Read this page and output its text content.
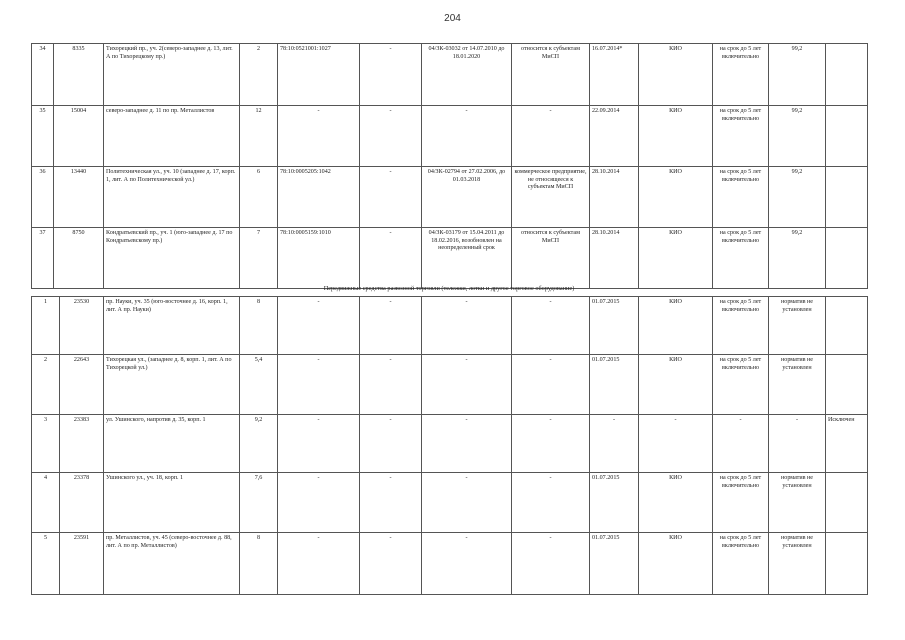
204
34	8335	Тихорецкий пр., уч. 2(северо-западнее д. 13, лит. А по Тихорецкому пр.)	2	78:10:0521001:1027	-	04/ЗК-03032 от 14.07.2010 до 18.01.2020	относится к субъектам МиСП	16.07.2014*	КИО	на срок до 5 лет включительно	99,2		
35	15004	северо-западнее д. 11 по пр. Металлистов	12	-	-	-	-	22.09.2014	КИО	на срок до 5 лет включительно	99,2		
36	13440	Политехническая ул., уч. 10 (западнее д. 17, корп. 1, лит. А по Политехнической ул.)	6	78:10:0005205:1042	-	04/ЗК-02794 от 27.02.2006, до 01.03.2018	коммерческое предприятие, не относящееся к субъектам МиСП	28.10.2014	КИО	на срок до 5 лет включительно	99,2		
37	8750	Кондратьевский пр., уч. 1 (юго-западнее д. 17 по Кондратьевскому пр.)	7	78:10:0005159:1010	-	04/ЗК-03179 от 15.04.2011 до 18.02.2016, возобновлен на неопределенный срок	относится к субъектам МиСП	28.10.2014	КИО	на срок до 5 лет включительно	99,2		
Передвижные средства развозной торговли (тележки, лотки и другое торговое оборудование)
1	23530	пр. Науки, уч. 35 (юго-восточнее д. 16, корп. 1, лит. А пр. Науки)	8	-	-	-	-	01.07.2015	КИО	на срок до 5 лет включительно	норматив не установлен	
2	22643	Тихорецкая ул., (западнее д. 8, корп. 1, лит. А по Тихорецкой ул.)	5,4	-	-	-	-	01.07.2015	КИО	на срок до 5 лет включительно	норматив не установлен	
3	23383	ул. Ушинского, напротив д. 35, корп. 1	9,2	-	-	-	-	-	-	-	-	Исключен
4	23378	Ушинского ул., уч. 18, корп. 1	7,6	-	-	-	-	01.07.2015	КИО	на срок до 5 лет включительно	норматив не установлен	
5	23591	пр. Металлистов, уч. 45 (северо-восточнее д. 88, лит. А по пр. Металлистов)	8	-	-	-	-	01.07.2015	КИО	на срок до 5 лет включительно	норматив не установлен	
